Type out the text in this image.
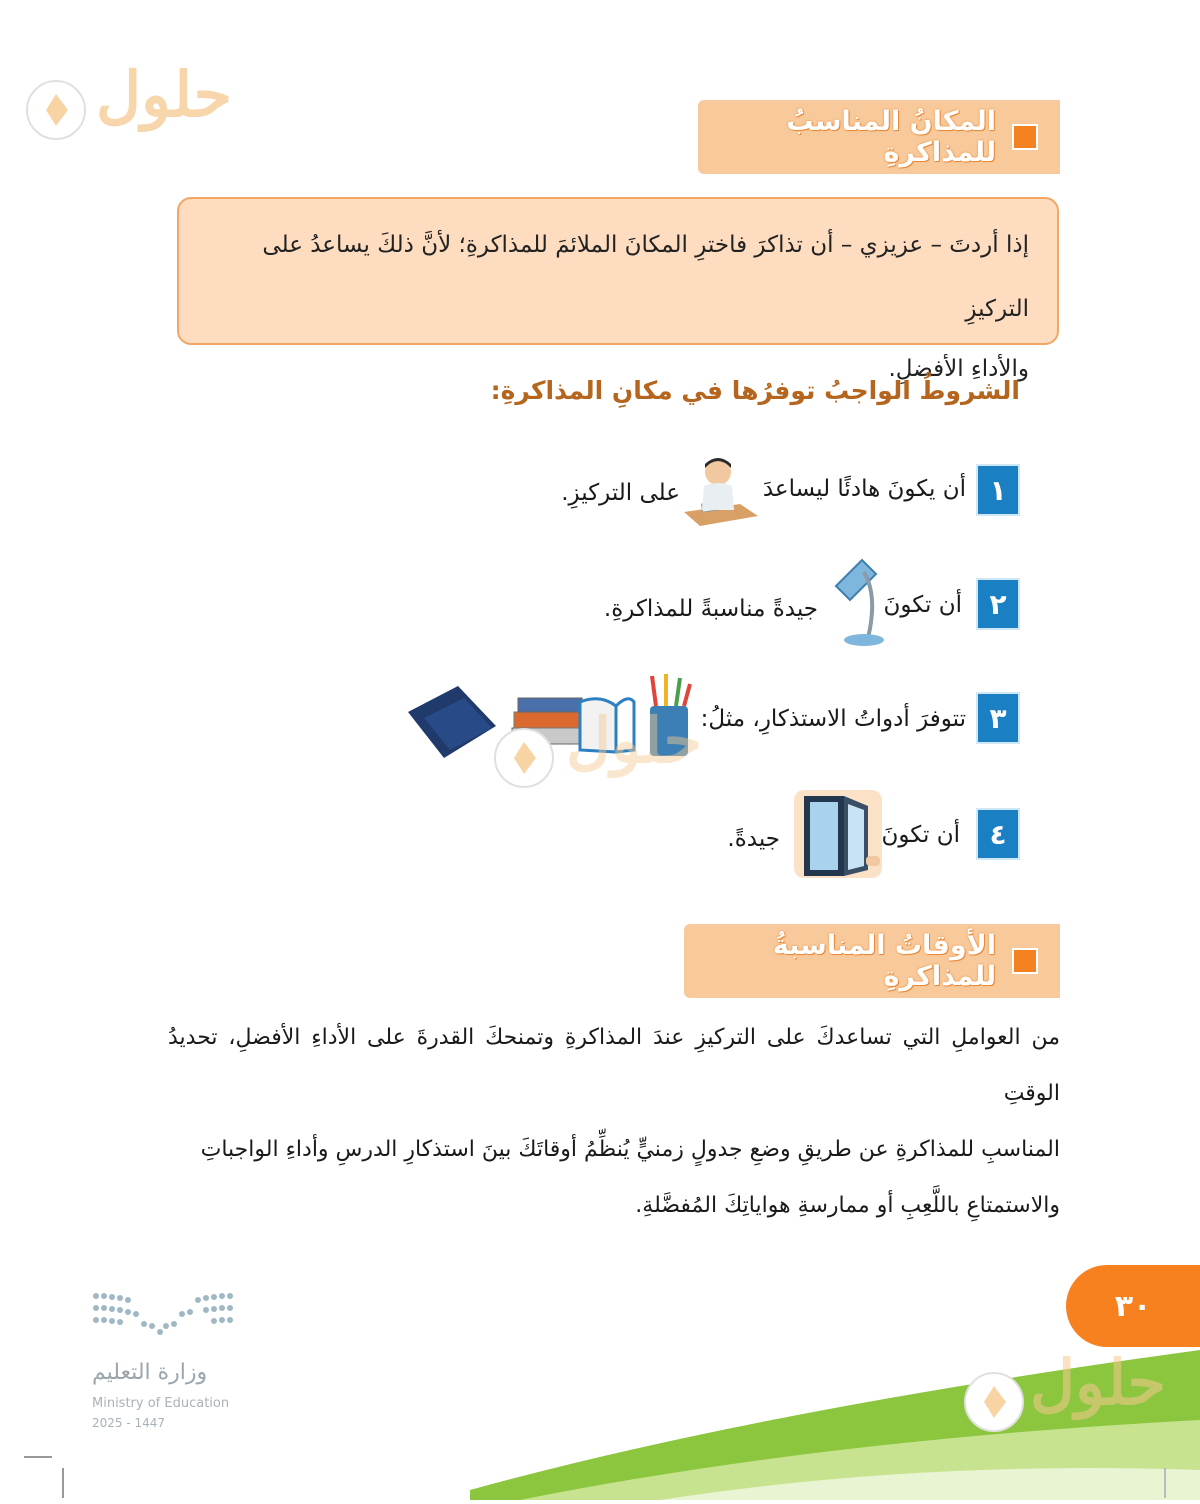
حلول	المكانُ المناسبُ للمذاكرةِ
إذا أردتَ – عزيزي – أن تذاكرَ فاخترِ المكانَ الملائمَ للمذاكرةِ؛ لأنَّ ذلكَ يساعدُ على التركيزِ
والأداءِ الأفضلِ.
الشروطُ الواجبُ توفرُها في مكانِ المذاكرةِ:
١
أن يكونَ هادئًا ليساعدَ
على التركيزِ.
٢
أن تكونَ
جيدةً مناسبةً للمذاكرةِ.
٣
تتوفرَ أدواتُ الاستذكارِ، مثلُ:
حلول
٤
أن تكونَ
جيدةً.
الأوقاتُ المناسبةُ للمذاكرةِ
من العواملِ التي تساعدكَ على التركيزِ عندَ المذاكرةِ وتمنحكَ القدرةَ على الأداءِ الأفضلِ، تحديدُ الوقتِ
المناسبِ للمذاكرةِ عن طريقِ وضعِ جدولٍ زمنيٍّ يُنظِّمُ أوقاتَكَ بينَ استذكارِ الدرسِ وأداءِ الواجباتِ
والاستمتاعِ باللَّعِبِ أو ممارسةِ هواياتِكَ المُفضَّلةِ.
٣٠
حلول
وزارة التعليم
Ministry of Education
2025 - 1447
